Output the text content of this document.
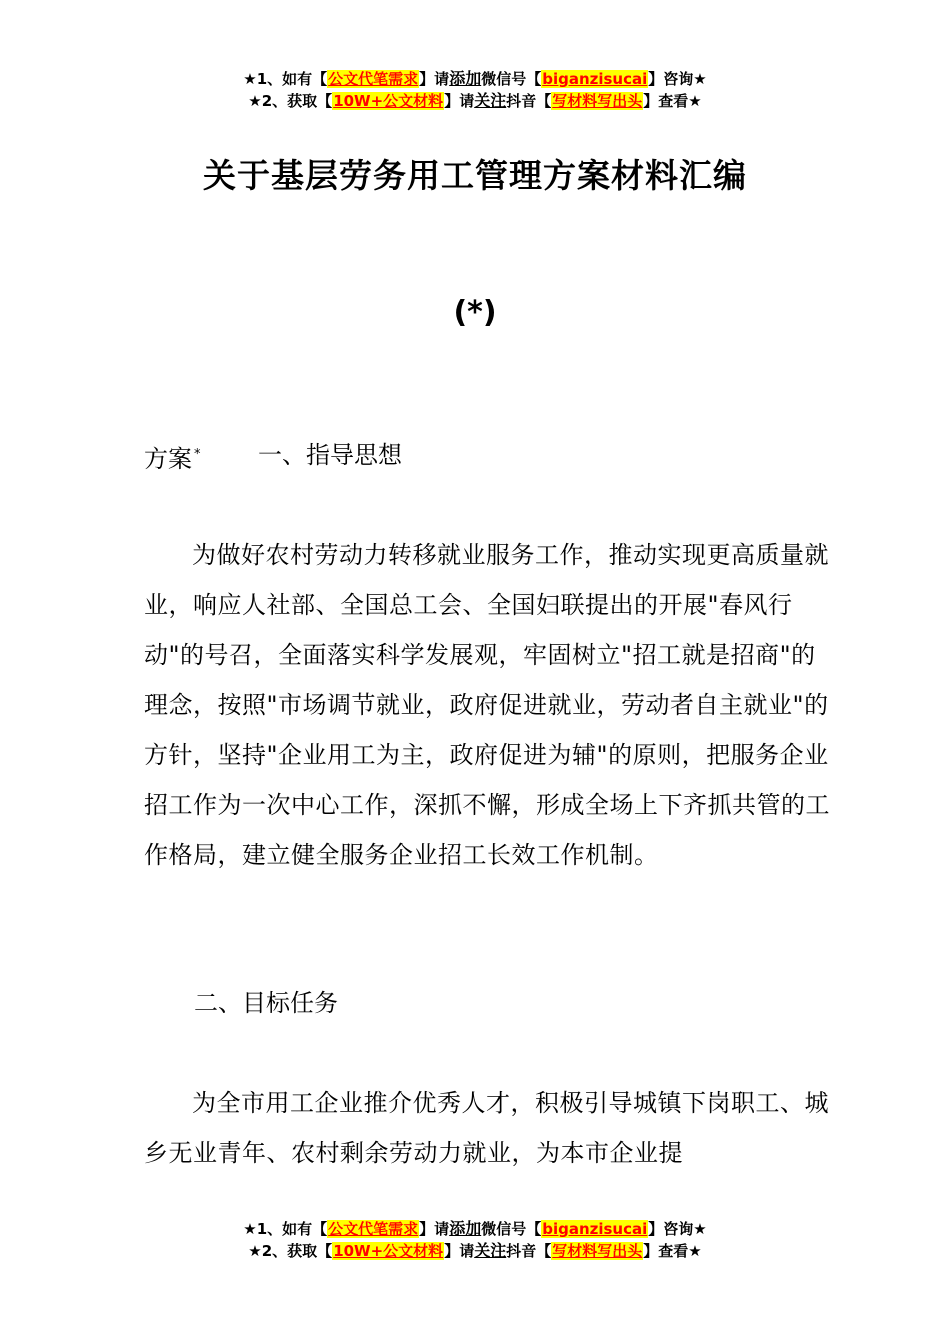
★1、如有【公文代笔需求】请添加微信号【biganzisucai】咨询★
★2、获取【10W+公文材料】请关注抖音【写材料写出头】查看★
关于基层劳务用工管理方案材料汇编
(*)
方案 * 一、指导思想

为做好农村劳动力转移就业服务工作，推动实现更高质量就业，响应人社部、全国总工会、全国妇联提出的开展"春风行动"的号召，全面落实科学发展观，牢固树立"招工就是招商"的理念，按照"市场调节就业，政府促进就业，劳动者自主就业"的方针，坚持"企业用工为主，政府促进为辅"的原则，把服务企业招工作为一次中心工作，深抓不懈，形成全场上下齐抓共管的工作格局，建立健全服务企业招工长效工作机制。

二、目标任务

为全市用工企业推介优秀人才，积极引导城镇下岗职工、城乡无业青年、农村剩余劳动力就业，为本市企业提

★1、如有【公文代笔需求】请添加微信号【biganzisucai】咨询★
★2、获取【10W+公文材料】请关注抖音【写材料写出头】查看★
